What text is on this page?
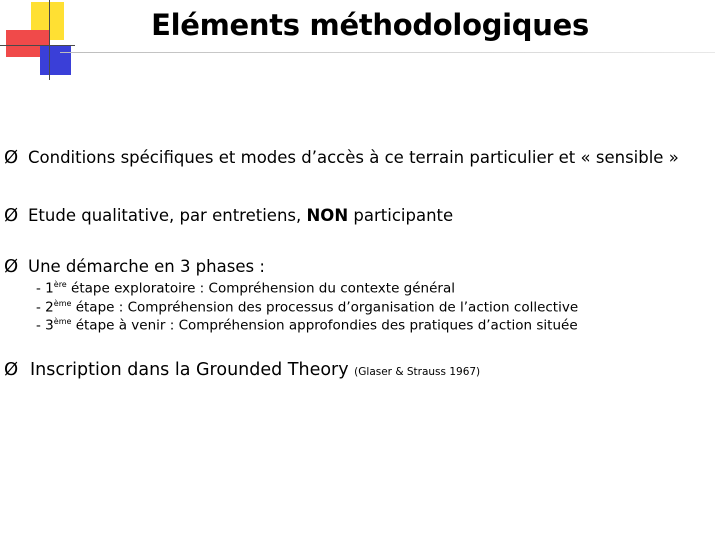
Eléments méthodologiques
Ø Conditions spécifiques et modes d’accès à ce terrain particulier et « sensible »
Ø Etude qualitative, par entretiens, NON participante
Ø Une démarche en 3 phases :
- 1ère étape exploratoire : Compréhension du contexte général
- 2ème étape : Compréhension des processus d’organisation de l’action collective
- 3ème étape à venir : Compréhension approfondies des pratiques d’action située
Ø Inscription dans la Grounded Theory (Glaser & Strauss 1967)
